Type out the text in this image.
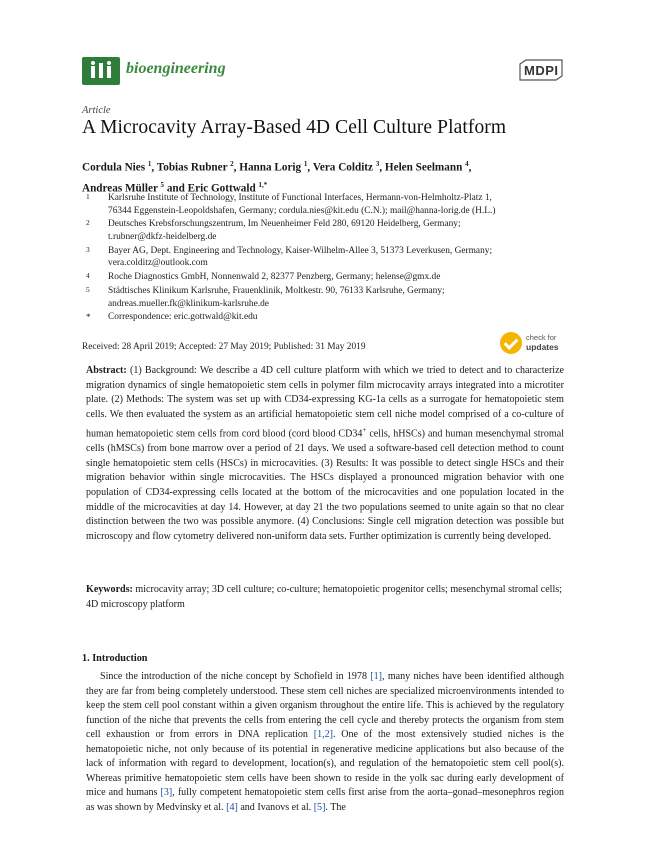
bioengineering	MDPI
Article
A Microcavity Array-Based 4D Cell Culture Platform
Cordula Nies $^1$, Tobias Rubner $^2$, Hanna Lorig $^1$, Vera Colditz $^3$, Helen Seelmann $^4$,
Andreas Müller $^5$ and Eric Gottwald $^{1,*}$
1 Karlsruhe Institute of Technology, Institute of Functional Interfaces, Hermann-von-Helmholtz-Platz 1,
76344 Eggenstein-Leopoldshafen, Germany; cordula.nies@kit.edu (C.N.); mail@hanna-lorig.de (H.L.)
2 Deutsches Krebsforschungszentrum, Im Neuenheimer Feld 280, 69120 Heidelberg, Germany;
t.rubner@dkfz-heidelberg.de
3 Bayer AG, Dept. Engineering and Technology, Kaiser-Wilhelm-Allee 3, 51373 Leverkusen, Germany;
vera.colditz@outlook.com
4 Roche Diagnostics GmbH, Nonnenwald 2, 82377 Penzberg, Germany; helense@gmx.de
5 Städtisches Klinikum Karlsruhe, Frauenklinik, Moltkestr. 90, 76133 Karlsruhe, Germany;
andreas.mueller.fk@klinikum-karlsruhe.de
* Correspondence: eric.gottwald@kit.edu
Received: 28 April 2019; Accepted: 27 May 2019; Published: 31 May 2019
check for
updates
Abstract: (1) Background: We describe a 4D cell culture platform with which we tried to detect and to characterize migration dynamics of single hematopoietic stem cells in polymer film microcavity arrays integrated into a microtiter plate. (2) Methods: The system was set up with CD34-expressing KG-1a cells as a surrogate for hematopoietic stem cells. We then evaluated the system as an artificial hematopoietic stem cell niche model comprised of a co-culture of human hematopoietic stem cells from cord blood (cord blood CD34+ cells, hHSCs) and human mesenchymal stromal cells (hMSCs) from bone marrow over a period of 21 days. We used a software-based cell detection method to count single hematopoietic stem cells (HSCs) in microcavities. (3) Results: It was possible to detect single HSCs and their migration behavior within single microcavities. The HSCs displayed a pronounced migration behavior with one population of CD34-expressing cells located at the bottom of the microcavities and one population located in the middle of the microcavities at day 14. However, at day 21 the two populations seemed to unite again so that no clear distinction between the two was possible anymore. (4) Conclusions: Single cell migration detection was possible but microscopy and flow cytometry delivered non-uniform data sets. Further optimization is currently being developed.
Keywords: microcavity array; 3D cell culture; co-culture; hematopoietic progenitor cells; mesenchymal stromal cells; 4D microscopy platform
1. Introduction
Since the introduction of the niche concept by Schofield in 1978 [1], many niches have been identified although they are far from being completely understood. These stem cell niches are specialized microenvironments intended to keep the stem cell pool constant within a given organism throughout the entire life. This is achieved by the regulatory function of the niche that prevents the cells from entering the cell cycle and thereby protects the organism from stem cell exhaustion or from errors in DNA replication [1,2]. One of the most extensively studied niches is the hematopoietic niche, not only because of its potential in regenerative medicine applications but also because of the lack of information with regard to development, location(s), and regulation of the hematopoietic stem cell pool(s). Whereas primitive hematopoietic stem cells have been shown to reside in the yolk sac during early development of mice and humans [3], fully competent hematopoietic stem cells first arise from the aorta–gonad–mesonephros region as was shown by Medvinsky et al. [4] and Ivanovs et al. [5]. The
